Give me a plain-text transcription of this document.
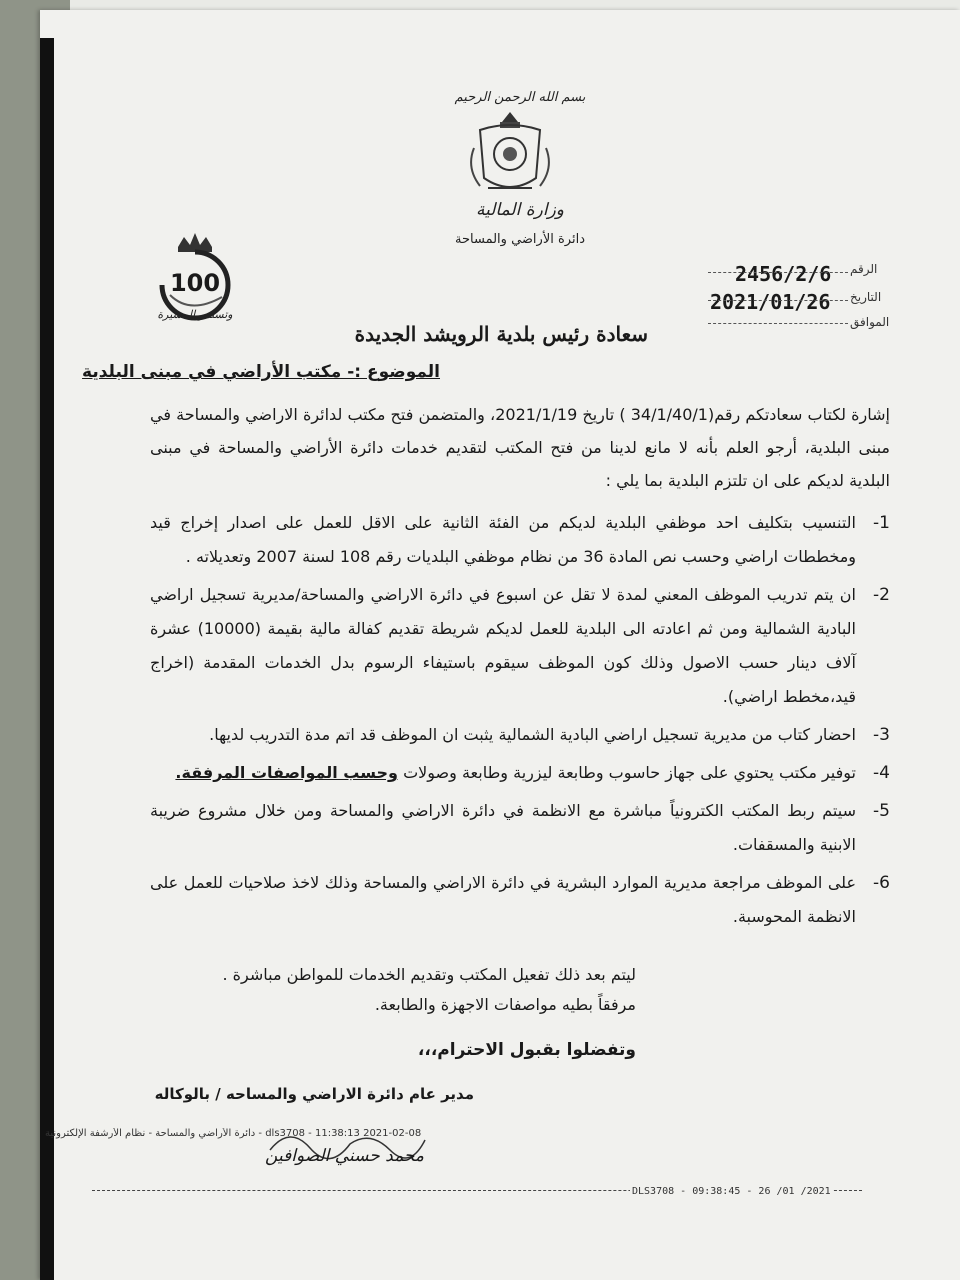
بسم الله الرحمن الرحيم
وزارة المالية
دائرة الأراضي والمساحة
100
وتستمر المسيرة
الرقم
2456/2/6
التاريخ
2021/01/26
الموافق
سعادة رئيس بلدية الرويشد الجديدة
الموضوع :- مكتب الأراضي في مبنى البلدية

إشارة لكتاب سعادتكم رقم(34/1/40/1 ) تاريخ 2021/1/19، والمتضمن فتح مكتب لدائرة الاراضي والمساحة في مبنى البلدية، أرجو العلم بأنه لا مانع لدينا من فتح المكتب لتقديم خدمات دائرة الأراضي والمساحة في مبنى البلدية لديكم على ان تلتزم البلدية بما يلي :

1-
التنسيب بتكليف احد موظفي البلدية لديكم من الفئة الثانية على الاقل للعمل على اصدار إخراج قيد ومخططات اراضي وحسب نص المادة 36 من نظام موظفي البلديات رقم 108 لسنة 2007 وتعديلاته .
2-
ان يتم تدريب الموظف المعني لمدة لا تقل عن اسبوع في دائرة الاراضي والمساحة/مديرية تسجيل اراضي البادية الشمالية ومن ثم اعادته الى البلدية للعمل لديكم شريطة تقديم كفالة مالية بقيمة (10000) عشرة آلاف دينار حسب الاصول وذلك كون الموظف سيقوم باستيفاء الرسوم بدل الخدمات المقدمة (اخراج قيد،مخطط اراضي).
3-
احضار كتاب من مديرية تسجيل اراضي البادية الشمالية يثبت ان الموظف قد اتم مدة التدريب لديها.
4-
توفير مكتب يحتوي على جهاز حاسوب وطابعة ليزرية وطابعة وصولات وحسب المواصفات المرفقة.
5-
سيتم ربط المكتب الكترونياً مباشرة مع الانظمة في دائرة الاراضي والمساحة ومن خلال مشروع ضريبة الابنية والمسقفات.
6-
على الموظف مراجعة مديرية الموارد البشرية في دائرة الاراضي والمساحة وذلك لاخذ صلاحيات للعمل على الانظمة المحوسبة.
ليتم بعد ذلك تفعيل المكتب وتقديم الخدمات للمواطن مباشرة .
مرفقاً بطيه مواصفات الاجهزة والطابعة.
وتفضلوا بقبول الاحترام،،،
مدير عام دائرة الاراضي والمساحه / بالوكاله
2021-02-08 11:38:13 - dls3708 - دائرة الأراضي والمساحة - نظام الأرشفة الإلكترونية
محمد حسني الصوافين
DLS3708 - 09:38:45 - 26 /01 /2021
